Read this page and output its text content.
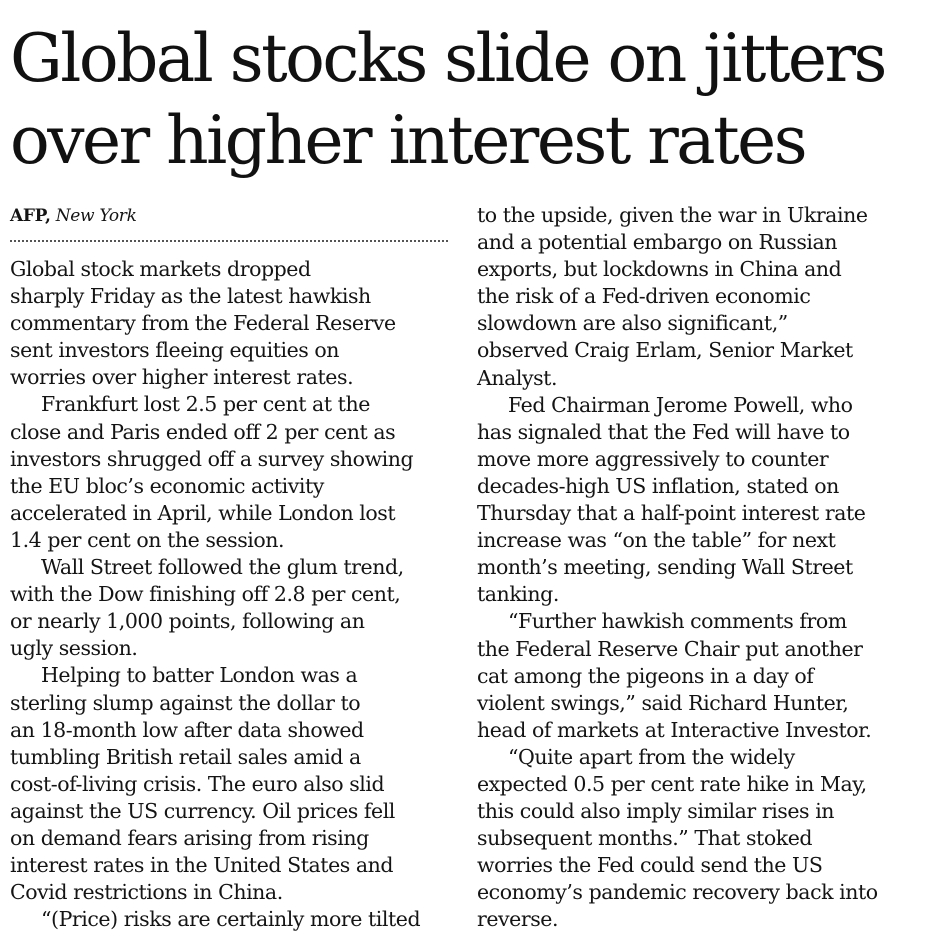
Global stocks slide on jitters
over higher interest rates
AFP, New York
Global stock markets dropped
sharply Friday as the latest hawkish
commentary from the Federal Reserve
sent investors fleeing equities on
worries over higher interest rates.
Frankfurt lost 2.5 per cent at the
close and Paris ended off 2 per cent as
investors shrugged off a survey showing
the EU bloc’s economic activity
accelerated in April, while London lost
1.4 per cent on the session.
Wall Street followed the glum trend,
with the Dow finishing off 2.8 per cent,
or nearly 1,000 points, following an
ugly session.
Helping to batter London was a
sterling slump against the dollar to
an 18-month low after data showed
tumbling British retail sales amid a
cost-of-living crisis. The euro also slid
against the US currency. Oil prices fell
on demand fears arising from rising
interest rates in the United States and
Covid restrictions in China.
“(Price) risks are certainly more tilted
to the upside, given the war in Ukraine
and a potential embargo on Russian
exports, but lockdowns in China and
the risk of a Fed-driven economic
slowdown are also significant,”
observed Craig Erlam, Senior Market
Analyst.
Fed Chairman Jerome Powell, who
has signaled that the Fed will have to
move more aggressively to counter
decades-high US inflation, stated on
Thursday that a half-point interest rate
increase was “on the table” for next
month’s meeting, sending Wall Street
tanking.
“Further hawkish comments from
the Federal Reserve Chair put another
cat among the pigeons in a day of
violent swings,” said Richard Hunter,
head of markets at Interactive Investor.
“Quite apart from the widely
expected 0.5 per cent rate hike in May,
this could also imply similar rises in
subsequent months.” That stoked
worries the Fed could send the US
economy’s pandemic recovery back into
reverse.
